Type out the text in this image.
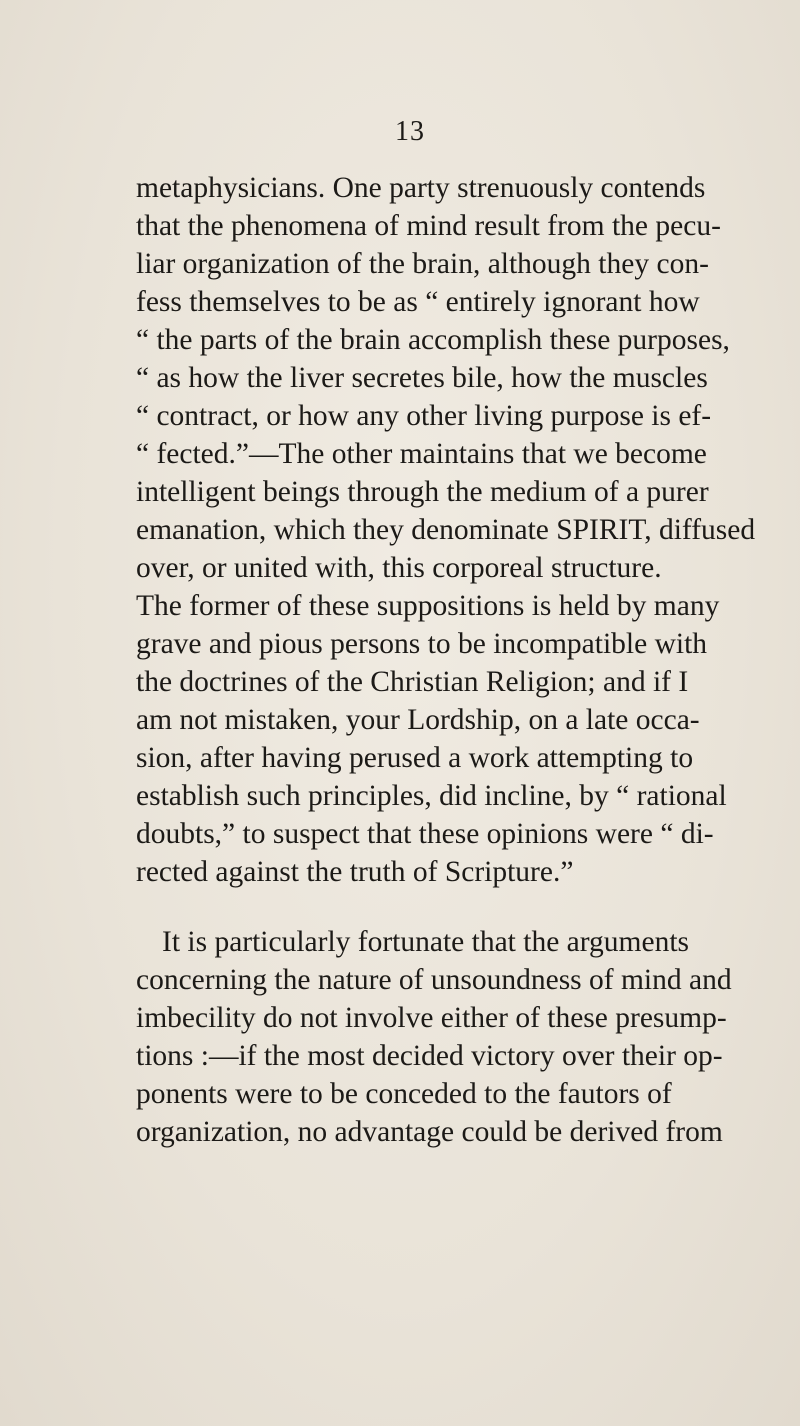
13
metaphysicians. One party strenuously contends
that the phenomena of mind result from the pecu-
liar organization of the brain, although they con-
fess themselves to be as “ entirely ignorant how
“ the parts of the brain accomplish these purposes,
“ as how the liver secretes bile, how the muscles
“ contract, or how any other living purpose is ef-
“ fected.”—The other maintains that we become
intelligent beings through the medium of a purer
emanation, which they denominate SPIRIT, diffused
over, or united with, this corporeal structure.
The former of these suppositions is held by many
grave and pious persons to be incompatible with
the doctrines of the Christian Religion; and if I
am not mistaken, your Lordship, on a late occa-
sion, after having perused a work attempting to
establish such principles, did incline, by “ rational
doubts,” to suspect that these opinions were “ di-
rected against the truth of Scripture.”
It is particularly fortunate that the arguments
concerning the nature of unsoundness of mind and
imbecility do not involve either of these presump-
tions :—if the most decided victory over their op-
ponents were to be conceded to the fautors of
organization, no advantage could be derived from
